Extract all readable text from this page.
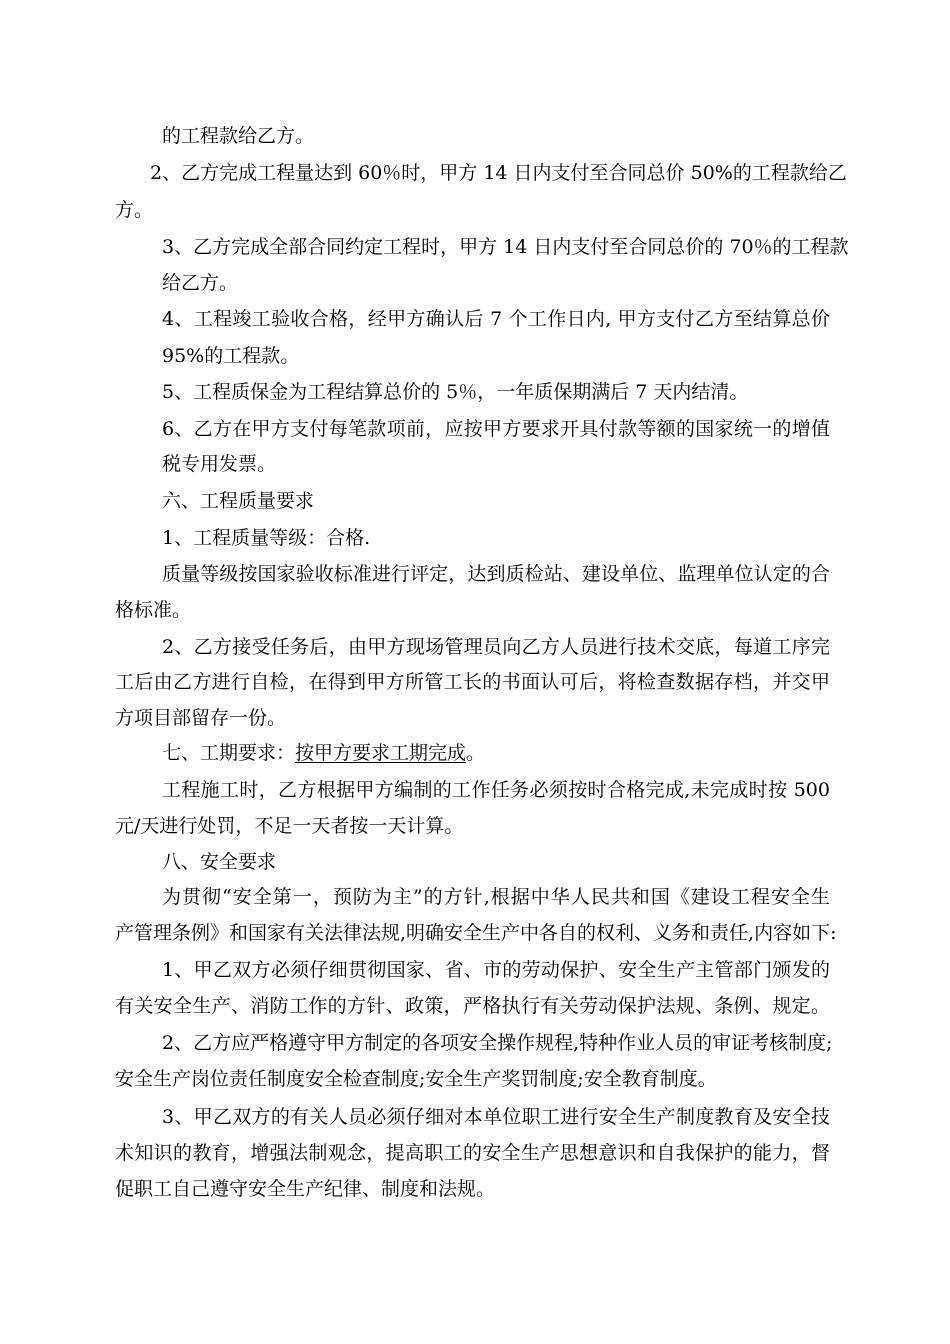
的工程款给乙方。
2、乙方完成工程量达到 60％时，甲方 14 日内支付至合同总价 50%的工程款给乙
方。
3、乙方完成全部合同约定工程时，甲方 14 日内支付至合同总价的 70％的工程款
给乙方。
4、工程竣工验收合格，经甲方确认后 7 个工作日内, 甲方支付乙方至结算总价
95%的工程款。
5、工程质保金为工程结算总价的 5％，一年质保期满后 7 天内结清。
6、乙方在甲方支付每笔款项前，应按甲方要求开具付款等额的国家统一的增值
税专用发票。
六、工程质量要求
1、工程质量等级：合格.
质量等级按国家验收标准进行评定，达到质检站、建设单位、监理单位认定的合
格标准。
2、乙方接受任务后，由甲方现场管理员向乙方人员进行技术交底，每道工序完
工后由乙方进行自检，在得到甲方所管工长的书面认可后，将检查数据存档，并交甲
方项目部留存一份。
七、工期要求：按甲方要求工期完成。
工程施工时，乙方根据甲方编制的工作任务必须按时合格完成,未完成时按 500
元/天进行处罚，不足一天者按一天计算。
八、安全要求
为贯彻“安全第一，预防为主”的方针,根据中华人民共和国《建设工程安全生
产管理条例》和国家有关法律法规,明确安全生产中各自的权利、义务和责任,内容如下:
1、甲乙双方必须仔细贯彻国家、省、市的劳动保护、安全生产主管部门颁发的
有关安全生产、消防工作的方针、政策，严格执行有关劳动保护法规、条例、规定。
2、乙方应严格遵守甲方制定的各项安全操作规程,特种作业人员的审证考核制度;
安全生产岗位责任制度安全检查制度;安全生产奖罚制度;安全教育制度。
3、甲乙双方的有关人员必须仔细对本单位职工进行安全生产制度教育及安全技
术知识的教育，增强法制观念，提高职工的安全生产思想意识和自我保护的能力，督
促职工自己遵守安全生产纪律、制度和法规。
